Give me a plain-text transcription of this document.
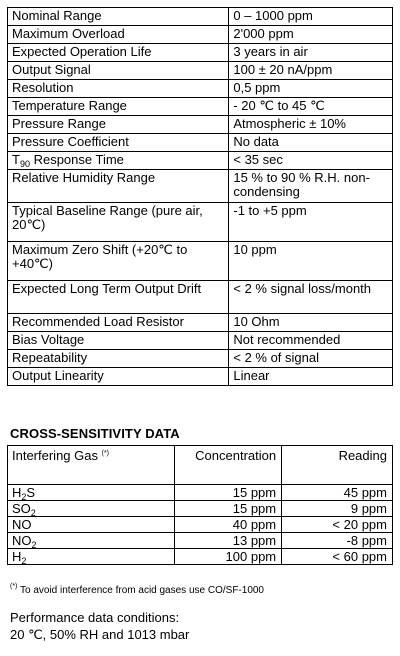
Nominal Range	0 – 1000 ppm
Maximum Overload	2'000 ppm
Expected Operation Life	3 years in air
Output Signal	100 ± 20 nA/ppm
Resolution	0,5 ppm
Temperature Range	- 20 ℃ to 45 ℃
Pressure Range	Atmospheric ± 10%
Pressure Coefficient	No data
$T_{90}$ Response Time	< 35 sec
Relative Humidity Range	15 % to 90 % R.H. non-condensing
Typical Baseline Range (pure air, 20℃)	-1 to +5 ppm
Maximum Zero Shift (+20℃ to +40℃)	10 ppm
Expected Long Term Output Drift	< 2 % signal loss/month
Recommended Load Resistor	10 Ohm
Bias Voltage	Not recommended
Repeatability	< 2 % of signal
Output Linearity	Linear
CROSS-SENSITIVITY DATA
Interfering Gas (*)	Concentration	Reading
$H_2S$	15 ppm	45 ppm
$SO_2$	15 ppm	9 ppm
NO	40 ppm	< 20 ppm
$NO_2$	13 ppm	-8 ppm
$H_2$	100 ppm	< 60 ppm
(*) To avoid interference from acid gases use CO/SF-1000
Performance data conditions:
20 ℃, 50% RH and 1013 mbar
